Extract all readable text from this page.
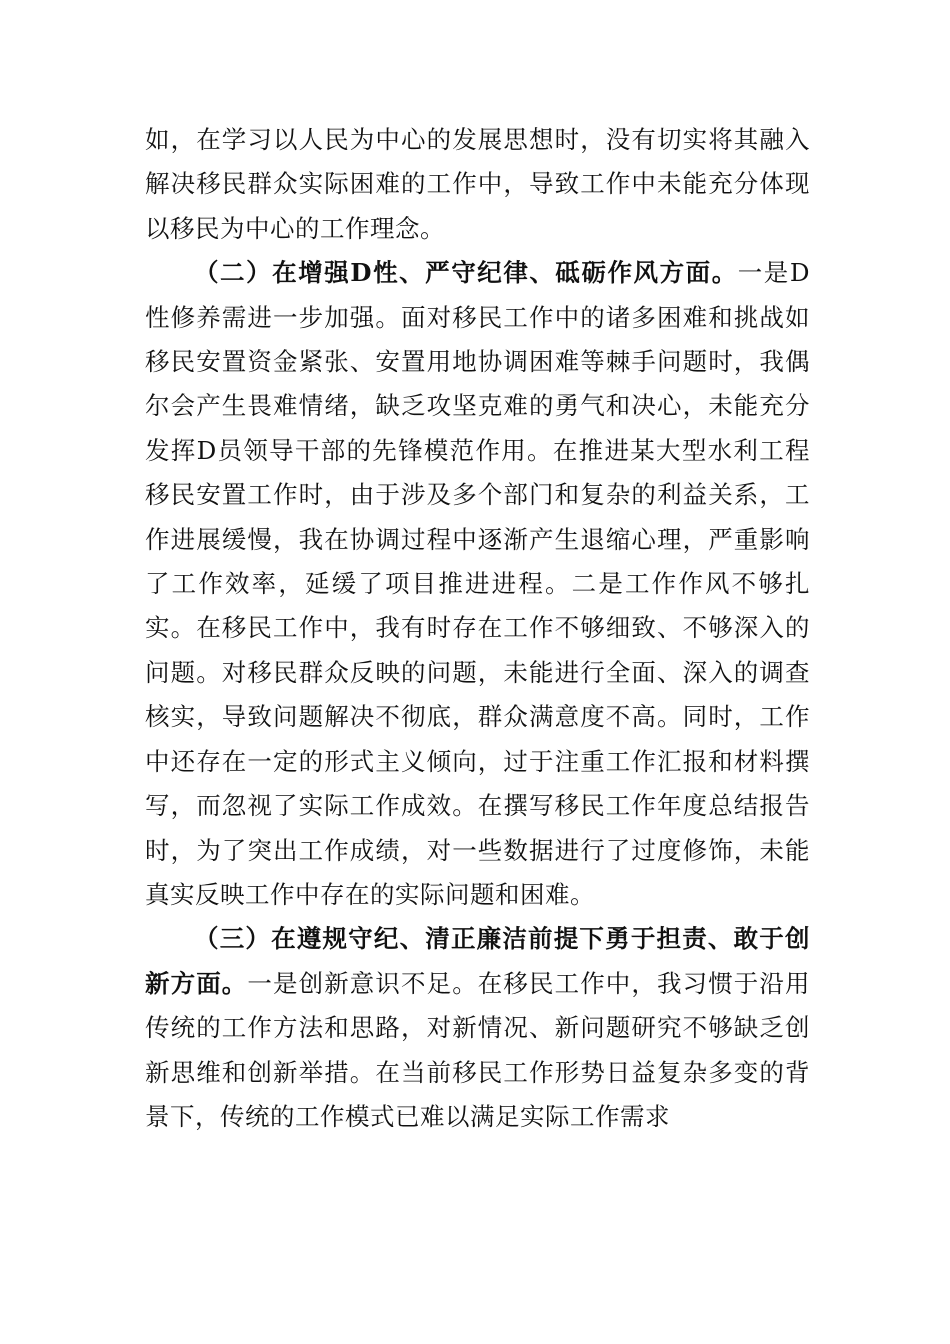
如，在学习以人民为中心的发展思想时，没有切实将其融入解决移民群众实际困难的工作中，导致工作中未能充分体现以移民为中心的工作理念。

（二）在增强D性、严守纪律、砥砺作风方面。一是D性修养需进一步加强。面对移民工作中的诸多困难和挑战如移民安置资金紧张、安置用地协调困难等棘手问题时，我偶尔会产生畏难情绪，缺乏攻坚克难的勇气和决心，未能充分发挥D员领导干部的先锋模范作用。在推进某大型水利工程移民安置工作时，由于涉及多个部门和复杂的利益关系，工作进展缓慢，我在协调过程中逐渐产生退缩心理，严重影响了工作效率，延缓了项目推进进程。二是工作作风不够扎实。在移民工作中，我有时存在工作不够细致、不够深入的问题。对移民群众反映的问题，未能进行全面、深入的调查核实，导致问题解决不彻底，群众满意度不高。同时，工作中还存在一定的形式主义倾向，过于注重工作汇报和材料撰写，而忽视了实际工作成效。在撰写移民工作年度总结报告时，为了突出工作成绩，对一些数据进行了过度修饰，未能真实反映工作中存在的实际问题和困难。

（三）在遵规守纪、清正廉洁前提下勇于担责、敢于创新方面。一是创新意识不足。在移民工作中，我习惯于沿用传统的工作方法和思路，对新情况、新问题研究不够缺乏创新思维和创新举措。在当前移民工作形势日益复杂多变的背景下，传统的工作模式已难以满足实际工作需求
